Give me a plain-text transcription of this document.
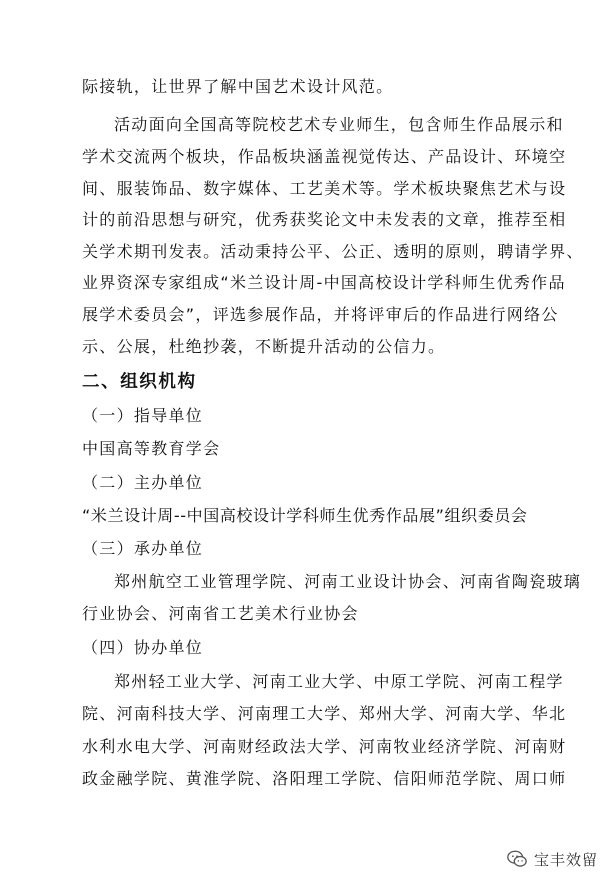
际接轨，让世界了解中国艺术设计风范。
活动面向全国高等院校艺术专业师生，包含师生作品展示和
学术交流两个板块，作品板块涵盖视觉传达、产品设计、环境空
间、服装饰品、数字媒体、工艺美术等。学术板块聚焦艺术与设
计的前沿思想与研究，优秀获奖论文中未发表的文章，推荐至相
关学术期刊发表。活动秉持公平、公正、透明的原则，聘请学界、
业界资深专家组成“米兰设计周-中国高校设计学科师生优秀作品
展学术委员会”，评选参展作品，并将评审后的作品进行网络公
示、公展，杜绝抄袭，不断提升活动的公信力。
二、组织机构
（一）指导单位
中国高等教育学会
（二）主办单位
“米兰设计周--中国高校设计学科师生优秀作品展”组织委员会
（三）承办单位
郑州航空工业管理学院、河南工业设计协会、河南省陶瓷玻璃
行业协会、河南省工艺美术行业协会
（四）协办单位
郑州轻工业大学、河南工业大学、中原工学院、河南工程学
院、河南科技大学、河南理工大学、郑州大学、河南大学、华北
水利水电大学、河南财经政法大学、河南牧业经济学院、河南财
政金融学院、黄淮学院、洛阳理工学院、信阳师范学院、周口师
宝丰效留
